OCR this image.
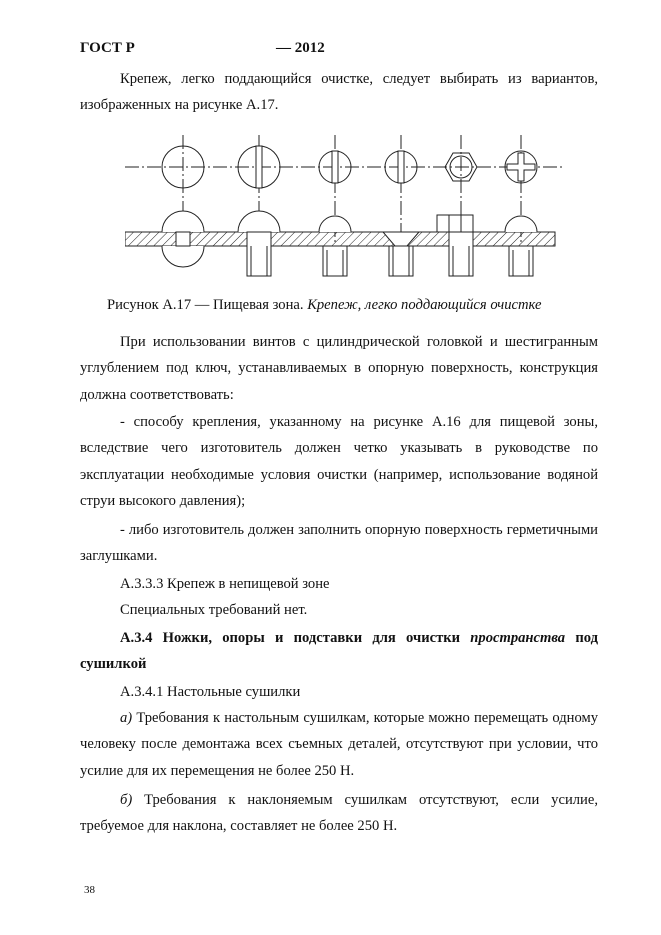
ГОСТ Р	— 2012

Крепеж, легко поддающийся очистке, следует выбирать из вариантов, изображенных на рисунке А.17.

Рисунок А.17 — Пищевая зона. Крепеж, легко поддающийся очистке

При использовании винтов с цилиндрической головкой и шестигранным углублением под ключ, устанавливаемых в опорную поверхность, конструкция должна соответствовать:

- способу крепления, указанному на рисунке А.16 для пищевой зоны, вследствие чего изготовитель должен четко указывать в руководстве по эксплуатации необходимые условия очистки (например, использование водяной струи высокого давления);

- либо изготовитель должен заполнить опорную поверхность герметичными заглушками.

А.3.3.3 Крепеж в непищевой зоне
Специальных требований нет.

А.3.4 Ножки, опоры и подставки для очистки пространства под сушилкой

А.3.4.1 Настольные сушилки

а) Требования к настольным сушилкам, которые можно перемещать одному человеку после демонтажа всех съемных деталей, отсутствуют при условии, что усилие для их перемещения не более 250 Н.

б) Требования к наклоняемым сушилкам отсутствуют, если усилие, требуемое для наклона, составляет не более 250 Н.

38
